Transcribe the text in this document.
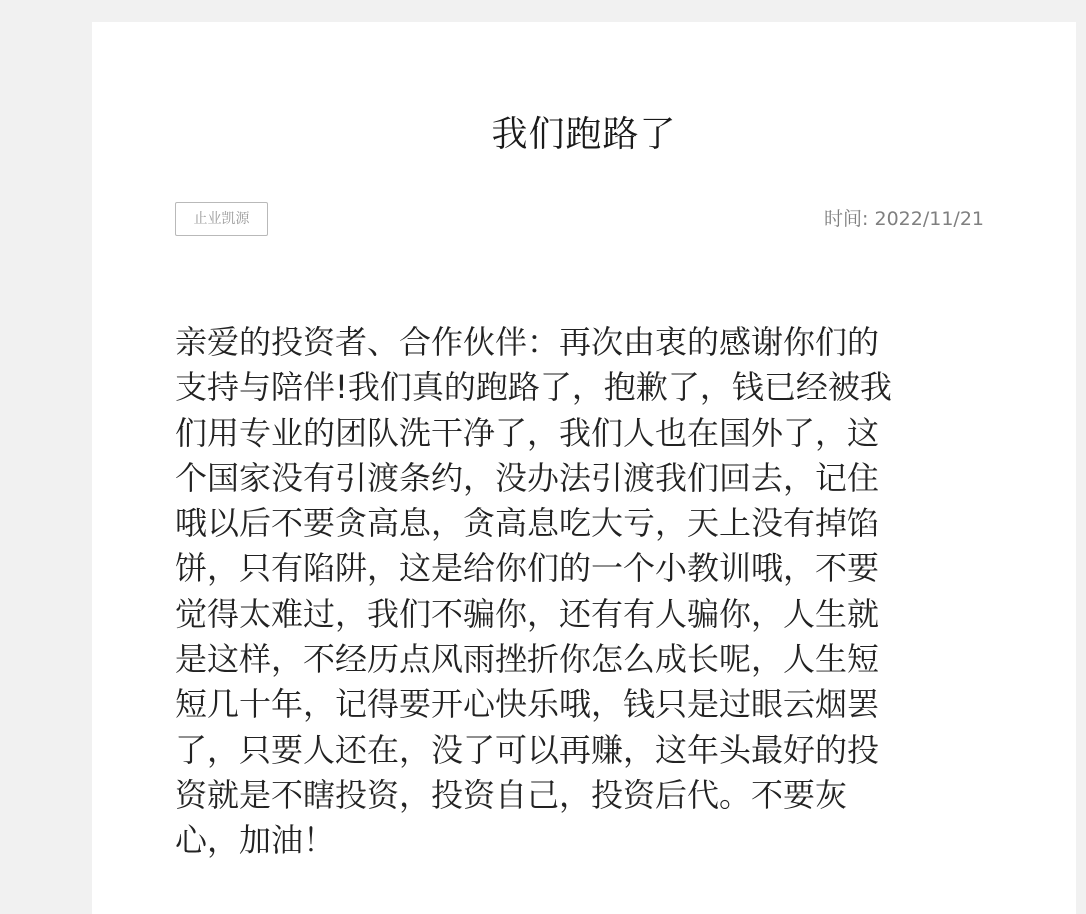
我们跑路了
止业凯源	时间: 2022/11/21
亲爱的投资者、合作伙伴：再次由衷的感谢你们的
支持与陪伴!我们真的跑路了，抱歉了，钱已经被我
们用专业的团队洗干净了，我们人也在国外了，这
个国家没有引渡条约，没办法引渡我们回去，记住
哦以后不要贪高息，贪高息吃大亏，天上没有掉馅
饼，只有陷阱，这是给你们的一个小教训哦，不要
觉得太难过，我们不骗你，还有有人骗你，人生就
是这样，不经历点风雨挫折你怎么成长呢，人生短
短几十年，记得要开心快乐哦，钱只是过眼云烟罢
了，只要人还在，没了可以再赚，这年头最好的投
资就是不瞎投资，投资自己，投资后代。不要灰
心，加油！
